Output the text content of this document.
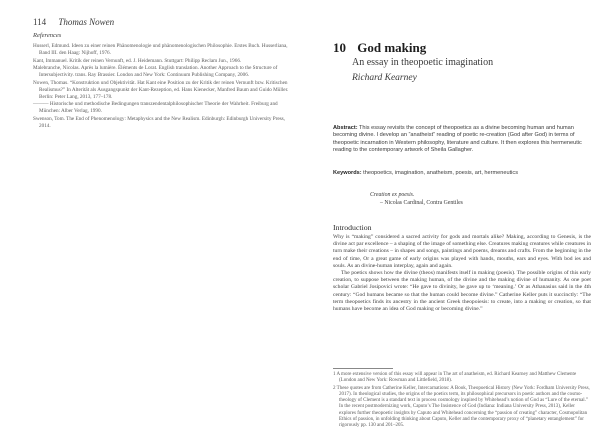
114 Thomas Nowen
References

Husserl, Edmund. Ideen zu einer reinen Phänomenologie und phänomenologischen Philosophie. Erstes Buch. Husserliana, Band III. den Haag: Nijhoff, 1976.

Kant, Immanuel. Kritik der reinen Vernunft, ed. J. Heidemann. Stuttgart: Philipp Reclam Jun., 1966.

Malebranche, Nicolas. Après la lumière. Éléments de Lorat. English translation. Another Approach to the Structure of Intersubjectivity. trans. Ray Brassier. London and New York: Continuum Publishing Company, 2006.

Nowen, Thomas. “Konstruktion und Objektivität. Hat Kant eine Position zu der Kritik der reinen Vernunft bzw. Kritischen Realismus?” In Alterität als Ausgangspunkt der Kant-Rezeption, ed. Hans Kienecker, Manfred Baum and Guido Müller. Berlin: Peter Lang, 2013, 177–178.

——— Historische und methodische Bedingungen transzendentalphilosophischer Theorie der Wahrheit. Freiburg and München: Alber Verlag, 1990.

Swenson, Tom. The End of Phenomenology: Metaphysics and the New Realism. Edinburgh: Edinburgh University Press, 2014.

10 God making
An essay in theopoetic imagination
Richard Kearney
Abstract: This essay revisits the concept of theopoetics as a divine becoming human and human becoming divine. I develop an “anatheist” reading of poetic re-creation (God after God) in terms of theopoetic incarnation in Western philosophy, literature and culture. It then explores this hermeneutic reading to the contemporary artwork of Sheila Gallagher.
Keywords: theopoetics, imagination, anatheism, poesis, art, hermeneutics
Creation ex poesis.
– Nicolas Cardinal, Contra Gentiles
Introduction

Why is “making” considered a sacred activity for gods and mortals alike? Making, according to Genesis, is the divine act par excellence – a shaping of the image of something else. Creatures making creatures while creatures in turn make their creations – in shapes and songs, paintings and poems, dreams and crafts. From the beginning in the end of time, Or a great game of early origins was played with hands, mouths, ears and eyes. With bod ies and souls. As an divine-human interplay, again and again.

The poetics shows how the divine (theos) manifests itself in making (poesis). The possible origins of this early creation, to suppose between the making human, of the divine and the making divine of humanity. As one poet scholar Gabriel Josipovici wrote: “He gave to divinity, he gave up to ‘meaning.’ Or as Athanasius said in the 4th century: “God humans became so that the human could become divine.” Catherine Keller puts it succinctly: “The term theopoetics finds its ancestry in the ancient Greek theopoiesis: to create, into a making or creation, so that humans have become an idea of God making or becoming divine.”

1 A more extensive version of this essay will appear in The art of anatheism, ed. Richard Kearney and Matthew Clemente (London and New York: Rowman and Littlefield, 2018).

2 These quotes are from Catherine Keller, Intercarnations: A Book, Theopoetical History (New York: Fordham University Press, 2017). In theological studies, the origins of the poetics term, its philosophical precursors in poetic authors and the cosmo-theology of Clement is a standard text in process cosmology inspired by Whitehead’s notion of God as “Lure of the eternal.” In the recent postmodernizing work, Caputo’s The Insistence of God (Indiana: Indiana University Press, 2013), Keller explores further theopoetic insights by Caputo and Whitehead concerning the “passion of creating” character, Cosmopolitan Ethics of passion, in unfolding thinking about Caputo, Keller and the contemporary proxy of “planetary entanglement” for rigorously pp. 130 and 201–205.
